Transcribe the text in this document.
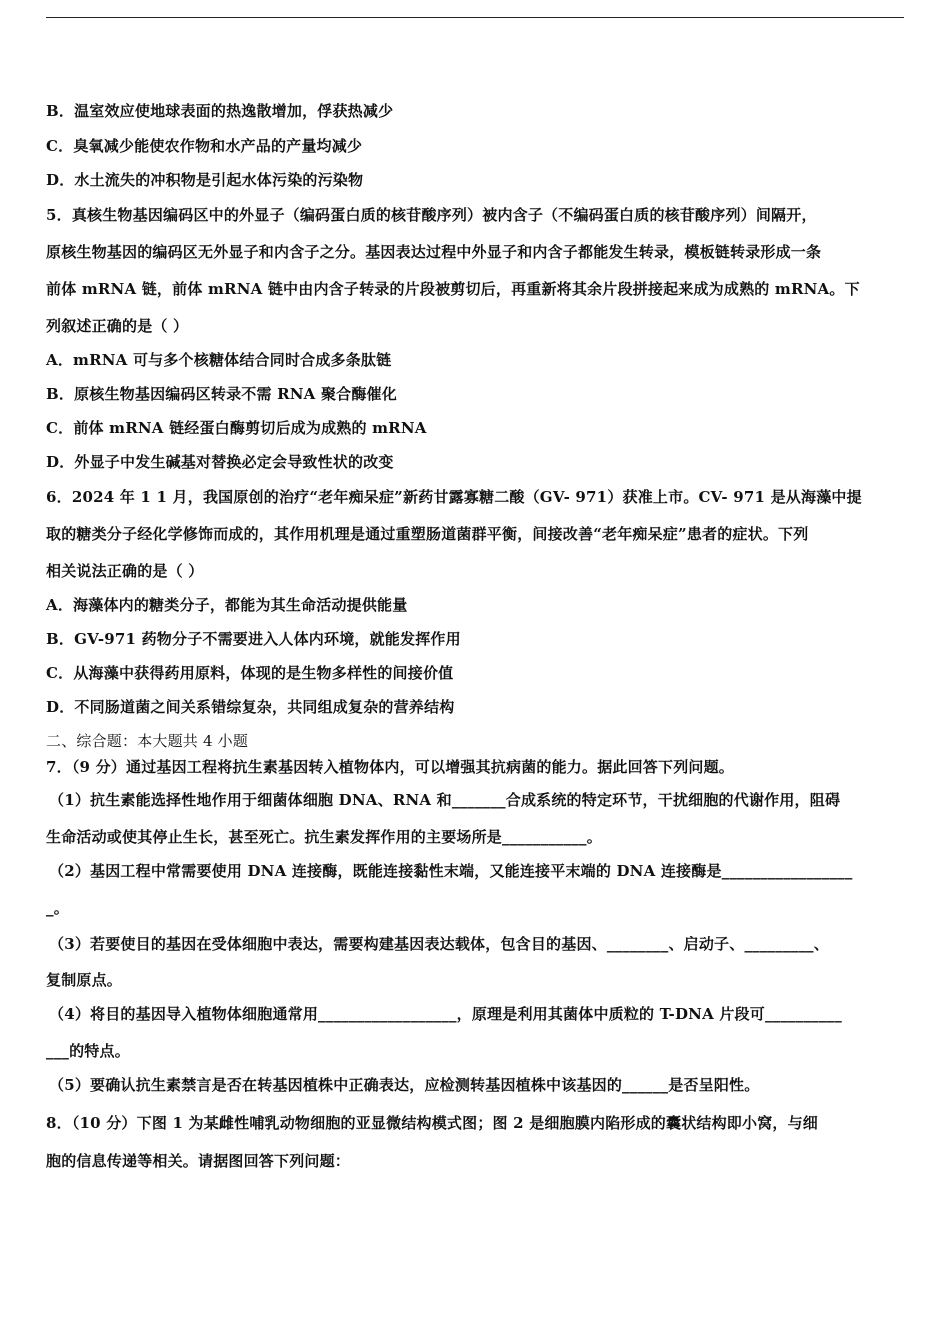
B．温室效应使地球表面的热逸散增加，俘获热减少
C．臭氧减少能使农作物和水产品的产量均减少
D．水土流失的冲积物是引起水体污染的污染物
5．真核生物基因编码区中的外显子（编码蛋白质的核苷酸序列）被内含子（不编码蛋白质的核苷酸序列）间隔开，
原核生物基因的编码区无外显子和内含子之分。基因表达过程中外显子和内含子都能发生转录，模板链转录形成一条
前体 mRNA 链，前体 mRNA 链中由内含子转录的片段被剪切后，再重新将其余片段拼接起来成为成熟的 mRNA。下
列叙述正确的是（ ）
A．mRNA 可与多个核糖体结合同时合成多条肽链
B．原核生物基因编码区转录不需 RNA 聚合酶催化
C．前体 mRNA 链经蛋白酶剪切后成为成熟的 mRNA
D．外显子中发生碱基对替换必定会导致性状的改变
6．2024 年 1 1 月，我国原创的治疗“老年痴呆症”新药甘露寡糖二酸（GV- 971）获准上市。CV- 971 是从海藻中提
取的糖类分子经化学修饰而成的，其作用机理是通过重塑肠道菌群平衡，间接改善“老年痴呆症”患者的症状。下列
相关说法正确的是（ ）
A．海藻体内的糖类分子，都能为其生命活动提供能量
B．GV-971 药物分子不需要进入人体内环境，就能发挥作用
C．从海藻中获得药用原料，体现的是生物多样性的间接价值
D．不同肠道菌之间关系错综复杂，共同组成复杂的营养结构
二、综合题：本大题共 4 小题
7．（9 分）通过基因工程将抗生素基因转入植物体内，可以增强其抗病菌的能力。据此回答下列问题。
（1）抗生素能选择性地作用于细菌体细胞 DNA、RNA 和_______合成系统的特定环节，干扰细胞的代谢作用，阻碍
生命活动或使其停止生长，甚至死亡。抗生素发挥作用的主要场所是___________。
（2）基因工程中常需要使用 DNA 连接酶，既能连接黏性末端，又能连接平末端的 DNA 连接酶是_________________
_。
（3）若要使目的基因在受体细胞中表达，需要构建基因表达载体，包含目的基因、________、启动子、_________、
复制原点。
（4）将目的基因导入植物体细胞通常用__________________，原理是利用其菌体中质粒的 T-DNA 片段可__________
___的特点。
（5）要确认抗生素禁言是否在转基因植株中正确表达，应检测转基因植株中该基因的______是否呈阳性。
8．（10 分）下图 1 为某雌性哺乳动物细胞的亚显微结构模式图；图 2 是细胞膜内陷形成的囊状结构即小窝，与细
胞的信息传递等相关。请据图回答下列问题：
